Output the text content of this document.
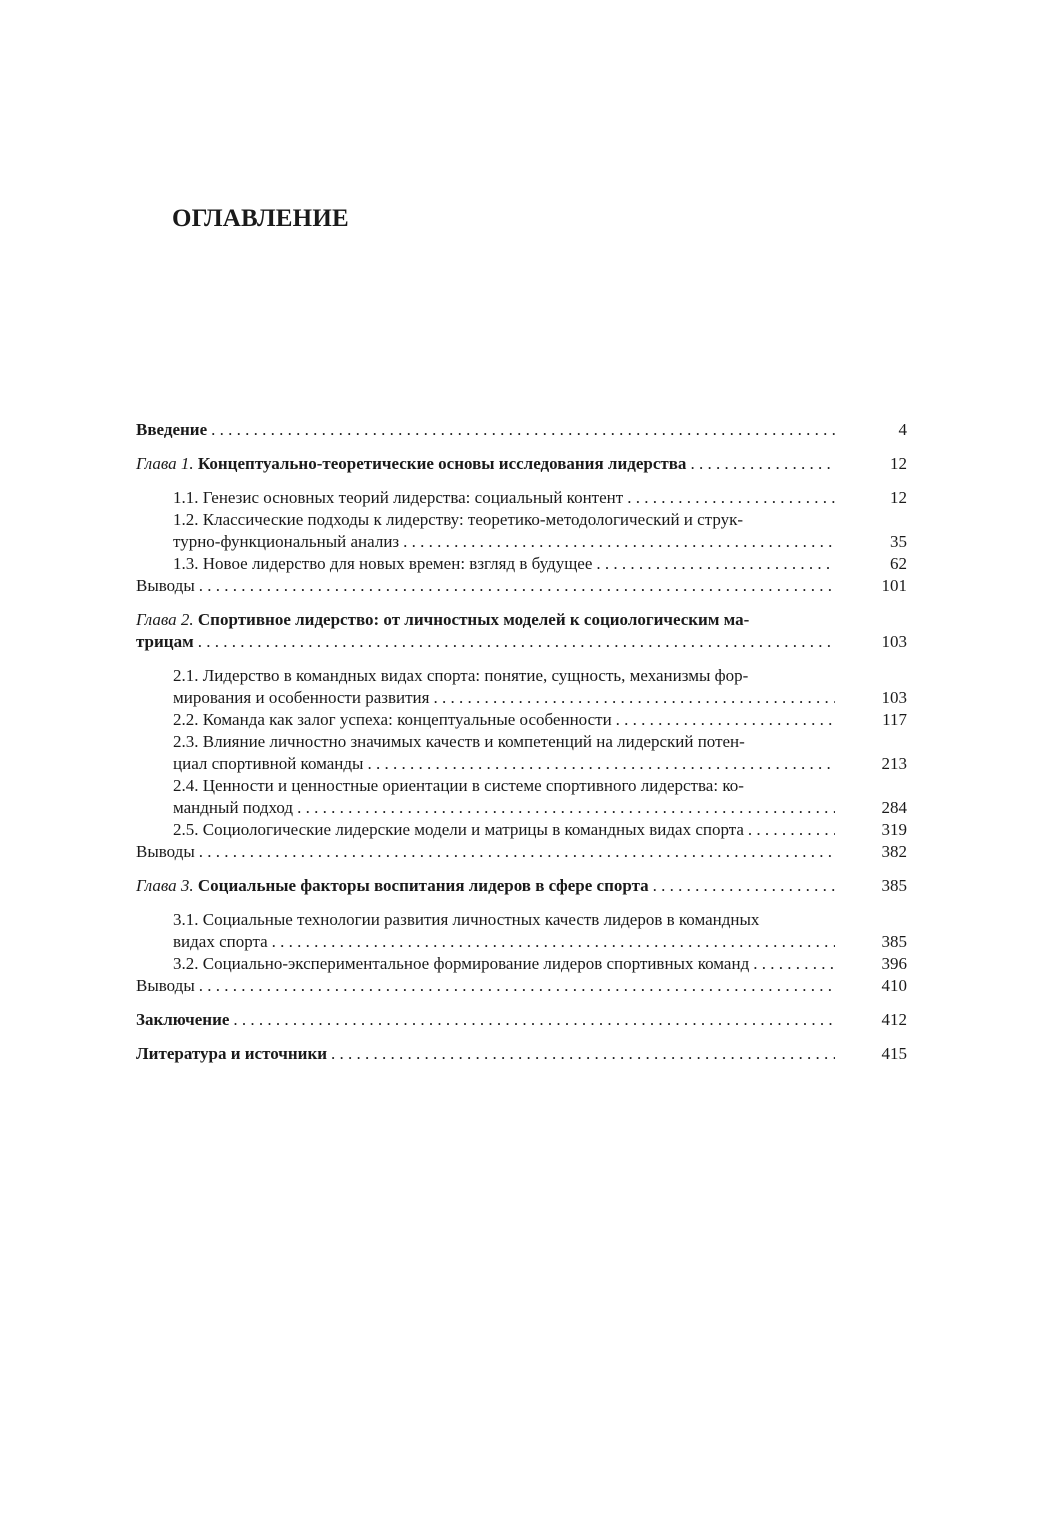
ОГЛАВЛЕНИЕ
Введение . . .	4
Глава 1. Концептуально-теоретические основы исследования лидерства . . .	12
1.1. Генезис основных теорий лидерства: социальный контент . . .	12
1.2. Классические подходы к лидерству: теоретико-методологический и струк-
турно-функциональный анализ . . .	35
1.3. Новое лидерство для новых времен: взгляд в будущее . . .	62
Выводы . . .	101
Глава 2. Спортивное лидерство: от личностных моделей к социологическим ма-
трицам . . .	103
2.1. Лидерство в командных видах спорта: понятие, сущность, механизмы фор-
мирования и особенности развития . . .	103
2.2. Команда как залог успеха: концептуальные особенности . . .	117
2.3. Влияние личностно значимых качеств и компетенций на лидерский потен-
циал спортивной команды . . .	213
2.4. Ценности и ценностные ориентации в системе спортивного лидерства: ко-
мандный подход . . .	284
2.5. Социологические лидерские модели и матрицы в командных видах спорта . . .	319
Выводы . . .	382
Глава 3. Социальные факторы воспитания лидеров в сфере спорта . . .	385
3.1. Социальные технологии развития личностных качеств лидеров в командных
видах спорта . . .	385
3.2. Социально-экспериментальное формирование лидеров спортивных команд . . .	396
Выводы . . .	410
Заключение . . .	412
Литература и источники . . .	415
